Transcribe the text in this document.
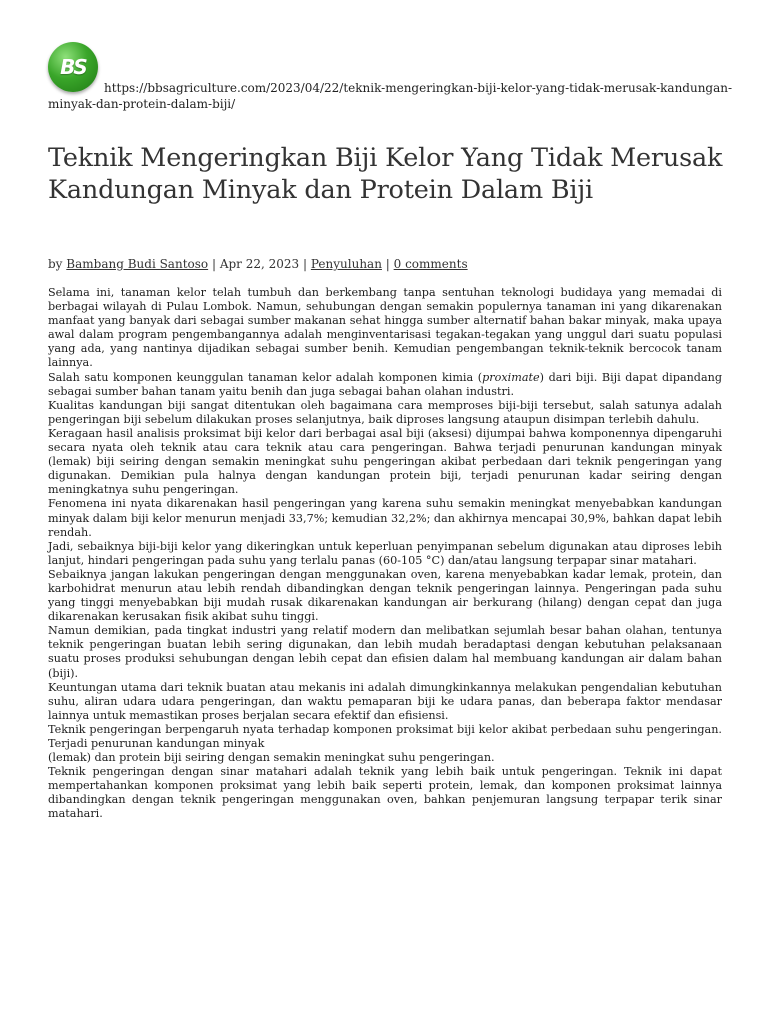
BS
https://bbsagriculture.com/2023/04/22/teknik-mengeringkan-biji-kelor-yang-tidak-merusak-kandungan-minyak-dan-protein-dalam-biji/
Teknik Mengeringkan Biji Kelor Yang Tidak Merusak Kandungan Minyak dan Protein Dalam Biji
by Bambang Budi Santoso | Apr 22, 2023 | Penyuluhan | 0 comments

Selama ini, tanaman kelor telah tumbuh dan berkembang tanpa sentuhan teknologi budidaya yang memadai di berbagai wilayah di Pulau Lombok. Namun, sehubungan dengan semakin populernya tanaman ini yang dikarenakan manfaat yang banyak dari sebagai sumber makanan sehat hingga sumber alternatif bahan bakar minyak, maka upaya awal dalam program pengembangannya adalah menginventarisasi tegakan-tegakan yang unggul dari suatu populasi yang ada, yang nantinya dijadikan sebagai sumber benih. Kemudian pengembangan teknik-teknik bercocok tanam lainnya.

Salah satu komponen keunggulan tanaman kelor adalah komponen kimia (proximate) dari biji. Biji dapat dipandang sebagai sumber bahan tanam yaitu benih dan juga sebagai bahan olahan industri.

Kualitas kandungan biji sangat ditentukan oleh bagaimana cara memproses biji-biji tersebut, salah satunya adalah pengeringan biji sebelum dilakukan proses selanjutnya, baik diproses langsung ataupun disimpan terlebih dahulu.

Keragaan hasil analisis proksimat biji kelor dari berbagai asal biji (aksesi) dijumpai bahwa komponennya dipengaruhi secara nyata oleh teknik atau cara teknik atau cara pengeringan. Bahwa terjadi penurunan kandungan minyak (lemak) biji seiring dengan semakin meningkat suhu pengeringan akibat perbedaan dari teknik pengeringan yang digunakan. Demikian pula halnya dengan kandungan protein biji, terjadi penurunan kadar seiring dengan meningkatnya suhu pengeringan.

Fenomena ini nyata dikarenakan hasil pengeringan yang karena suhu semakin meningkat menyebabkan kandungan minyak dalam biji kelor menurun menjadi 33,7%; kemudian 32,2%; dan akhirnya mencapai 30,9%, bahkan dapat lebih rendah.

Jadi, sebaiknya biji-biji kelor yang dikeringkan untuk keperluan penyimpanan sebelum digunakan atau diproses lebih lanjut, hindari pengeringan pada suhu yang terlalu panas (60-105 °C) dan/atau langsung terpapar sinar matahari.

Sebaiknya jangan lakukan pengeringan dengan menggunakan oven, karena menyebabkan kadar lemak, protein, dan karbohidrat menurun atau lebih rendah dibandingkan dengan teknik pengeringan lainnya. Pengeringan pada suhu yang tinggi menyebabkan biji mudah rusak dikarenakan kandungan air berkurang (hilang) dengan cepat dan juga dikarenakan kerusakan fisik akibat suhu tinggi.

Namun demikian, pada tingkat industri yang relatif modern dan melibatkan sejumlah besar bahan olahan, tentunya teknik pengeringan buatan lebih sering digunakan, dan lebih mudah beradaptasi dengan kebutuhan pelaksanaan suatu proses produksi sehubungan dengan lebih cepat dan efisien dalam hal membuang kandungan air dalam bahan (biji).

Keuntungan utama dari teknik buatan atau mekanis ini adalah dimungkinkannya melakukan pengendalian kebutuhan suhu, aliran udara udara pengeringan, dan waktu pemaparan biji ke udara panas, dan beberapa faktor mendasar lainnya untuk memastikan proses berjalan secara efektif dan efisiensi.

Teknik pengeringan berpengaruh nyata terhadap komponen proksimat biji kelor akibat perbedaan suhu pengeringan. Terjadi penurunan kandungan minyak

(lemak) dan protein biji seiring dengan semakin meningkat suhu pengeringan.

Teknik pengeringan dengan sinar matahari adalah teknik yang lebih baik untuk pengeringan. Teknik ini dapat mempertahankan komponen proksimat yang lebih baik seperti protein, lemak, dan komponen proksimat lainnya dibandingkan dengan teknik pengeringan menggunakan oven, bahkan penjemuran langsung terpapar terik sinar matahari.
